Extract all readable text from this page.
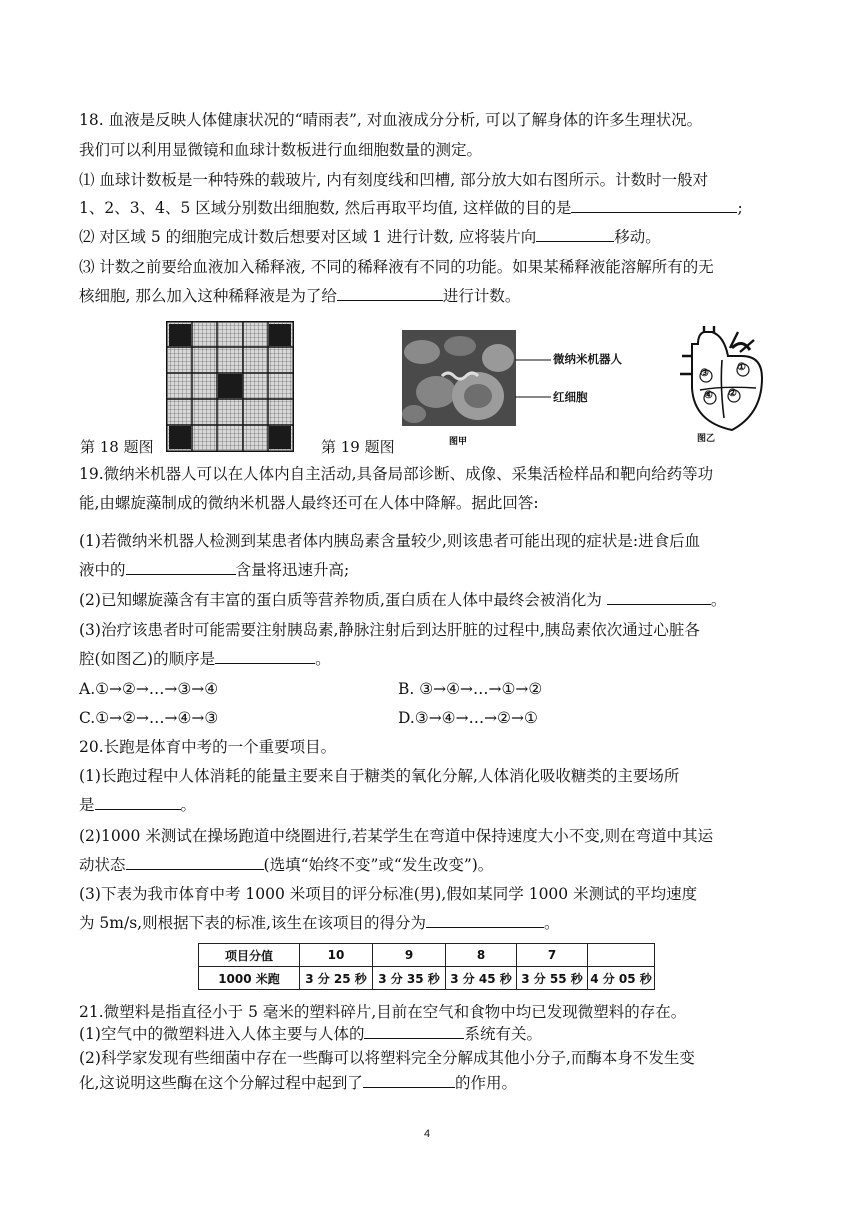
18. 血液是反映人体健康状况的“晴雨表”, 对血液成分分析, 可以了解身体的许多生理状况。
我们可以利用显微镜和血球计数板进行血细胞数量的测定。
⑴ 血球计数板是一种特殊的载玻片, 内有刻度线和凹槽, 部分放大如右图所示。计数时一般对
1、2、3、4、5 区域分别数出细胞数, 然后再取平均值, 这样做的目的是	;
⑵ 对区域 5 的细胞完成计数后想要对区域 1 进行计数, 应将装片向	移动。
⑶ 计数之前要给血液加入稀释液, 不同的稀释液有不同的功能。如果某稀释液能溶解所有的无
核细胞, 那么加入这种稀释液是为了给	进行计数。
第 18 题图	第 19 题图
微纳米机器人
红细胞
图甲
①
②
③
④
图乙
19.微纳米机器人可以在人体内自主活动,具备局部诊断、成像、采集活检样品和靶向给药等功
能,由螺旋藻制成的微纳米机器人最终还可在人体中降解。据此回答:
(1)若微纳米机器人检测到某患者体内胰岛素含量较少,则该患者可能出现的症状是:进食后血
液中的	含量将迅速升高;
(2)已知螺旋藻含有丰富的蛋白质等营养物质,蛋白质在人体中最终会被消化为	。
(3)治疗该患者时可能需要注射胰岛素,静脉注射后到达肝脏的过程中,胰岛素依次通过心脏各
腔(如图乙)的顺序是	。
A.①→②→…→③→④	B. ③→④→…→①→②
C.①→②→…→④→③	D.③→④→…→②→①
20.长跑是体育中考的一个重要项目。
(1)长跑过程中人体消耗的能量主要来自于糖类的氧化分解,人体消化吸收糖类的主要场所
是	。
(2)1000 米测试在操场跑道中绕圈进行,若某学生在弯道中保持速度大小不变,则在弯道中其运
动状态	(选填“始终不变”或“发生改变”)。
(3)下表为我市体育中考 1000 米项目的评分标准(男),假如某同学 1000 米测试的平均速度
为 5m/s,则根据下表的标准,该生在该项目的得分为	。
项目分值	10	9	8	7	
1000 米跑	3 分 25 秒	3 分 35 秒	3 分 45 秒	3 分 55 秒	4 分 05 秒
21.微塑料是指直径小于 5 毫米的塑料碎片,目前在空气和食物中均已发现微塑料的存在。
(1)空气中的微塑料进入人体主要与人体的	系统有关。
(2)科学家发现有些细菌中存在一些酶可以将塑料完全分解成其他小分子,而酶本身不发生变
化,这说明这些酶在这个分解过程中起到了	的作用。
4
